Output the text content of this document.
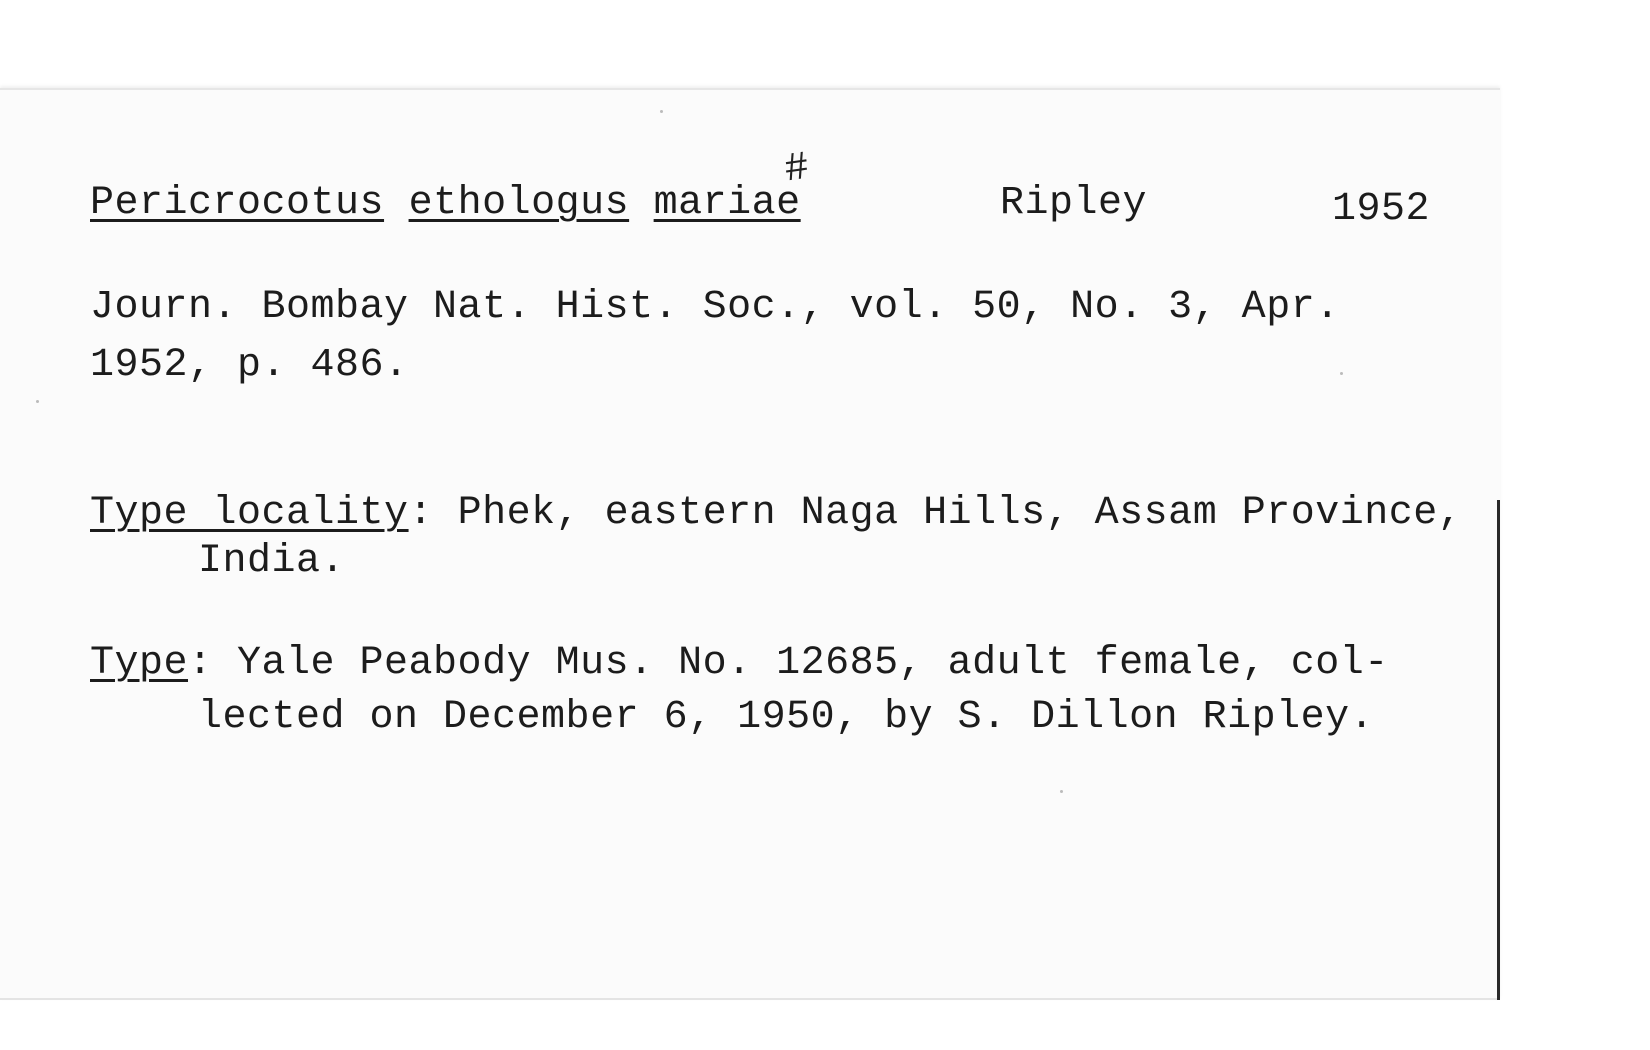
Pericrocotus ethologus mariae
#
Ripley	1952
Journ. Bombay Nat. Hist. Soc., vol. 50, No. 3, Apr.
1952, p. 486.
Type locality: Phek, eastern Naga Hills, Assam Province,
India.
Type: Yale Peabody Mus. No. 12685, adult female, col-
lected on December 6, 1950, by S. Dillon Ripley.
